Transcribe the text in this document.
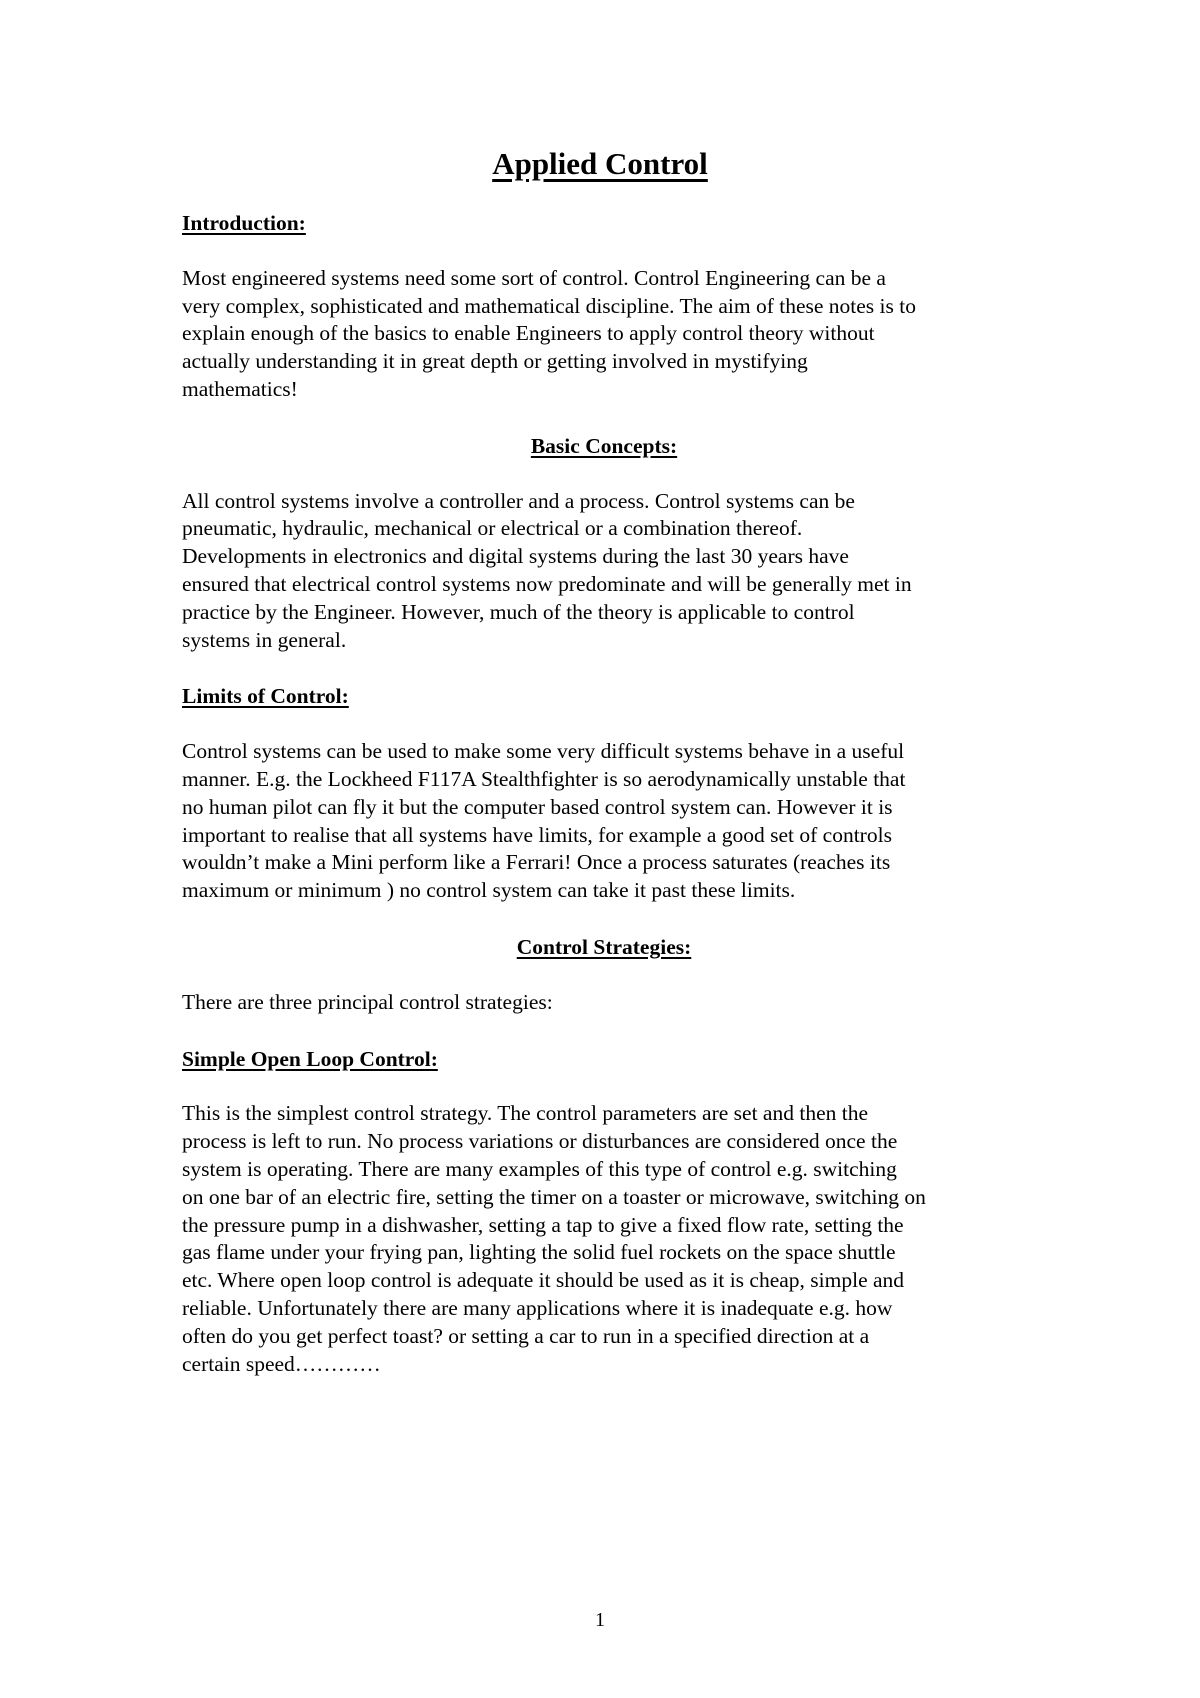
Applied Control

Introduction:

Most engineered systems need some sort of control. Control Engineering can be a
very complex, sophisticated and mathematical discipline. The aim of these notes is to
explain enough of the basics to enable Engineers to apply control theory without
actually understanding it in great depth or getting involved in mystifying
mathematics!

Basic Concepts:

All control systems involve a controller and a process. Control systems can be
pneumatic, hydraulic, mechanical or electrical or a combination thereof.
Developments in electronics and digital systems during the last 30 years have
ensured that electrical control systems now predominate and will be generally met in
practice by the Engineer. However, much of the theory is applicable to control
systems in general.

Limits of Control:

Control systems can be used to make some very difficult systems behave in a useful
manner. E.g. the Lockheed F117A Stealthfighter is so aerodynamically unstable that
no human pilot can fly it but the computer based control system can. However it is
important to realise that all systems have limits, for example a good set of controls
wouldn’t make a Mini perform like a Ferrari! Once a process saturates (reaches its
maximum or minimum ) no control system can take it past these limits.

Control Strategies:

There are three principal control strategies:

Simple Open Loop Control:

This is the simplest control strategy. The control parameters are set and then the
process is left to run. No process variations or disturbances are considered once the
system is operating. There are many examples of this type of control e.g. switching
on one bar of an electric fire, setting the timer on a toaster or microwave, switching on
the pressure pump in a dishwasher, setting a tap to give a fixed flow rate, setting the
gas flame under your frying pan, lighting the solid fuel rockets on the space shuttle
etc. Where open loop control is adequate it should be used as it is cheap, simple and
reliable. Unfortunately there are many applications where it is inadequate e.g. how
often do you get perfect toast? or setting a car to run in a specified direction at a
certain speed…………

1
